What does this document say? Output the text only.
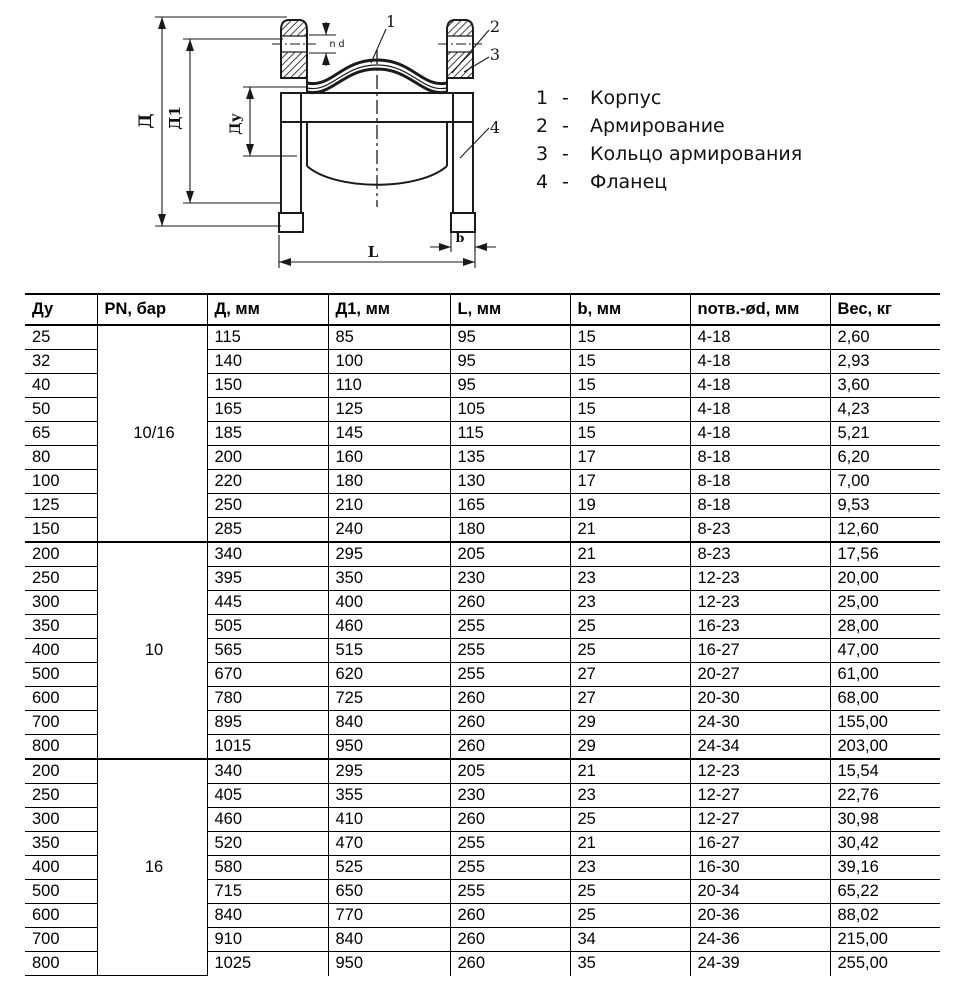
Д Д1	Ду
n d
b
L
1	2
3
4
1 -	Корпус
2 -	Армирование
3 -	Кольцо армирования
4 -	Фланец
Ду	PN, бар	Д, мм	Д1, мм	L, мм	b, мм	nотв.-ød, мм	Вес, кг
25	10/16	115	85	95	15	4-18	2,60
32		140	100	95	15	4-18	2,93
40		150	110	95	15	4-18	3,60
50		165	125	105	15	4-18	4,23
65		185	145	115	15	4-18	5,21
80		200	160	135	17	8-18	6,20
100		220	180	130	17	8-18	7,00
125		250	210	165	19	8-18	9,53
150		285	240	180	21	8-23	12,60
200	10	340	295	205	21	8-23	17,56
250		395	350	230	23	12-23	20,00
300		445	400	260	23	12-23	25,00
350		505	460	255	25	16-23	28,00
400		565	515	255	25	16-27	47,00
500		670	620	255	27	20-27	61,00
600		780	725	260	27	20-30	68,00
700		895	840	260	29	24-30	155,00
800		1015	950	260	29	24-34	203,00
200	16	340	295	205	21	12-23	15,54
250		405	355	230	23	12-27	22,76
300		460	410	260	25	12-27	30,98
350		520	470	255	21	16-27	30,42
400		580	525	255	23	16-30	39,16
500		715	650	255	25	20-34	65,22
600		840	770	260	25	20-36	88,02
700		910	840	260	34	24-36	215,00
800		1025	950	260	35	24-39	255,00
